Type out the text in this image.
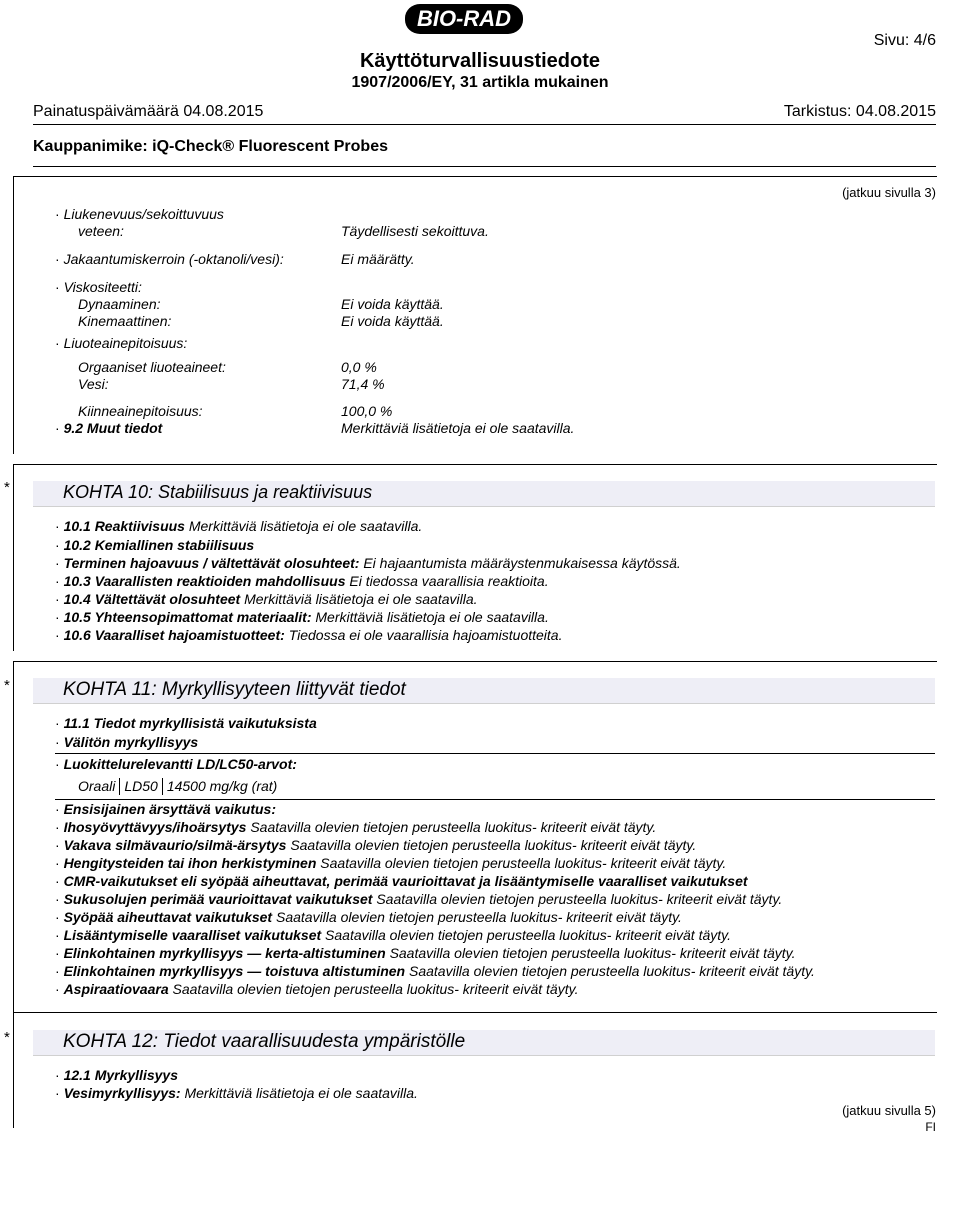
BIO-RAD
Käyttöturvallisuustiedote
1907/2006/EY, 31 artikla mukainen
Sivu: 4/6
Painatuspäivämäärä 04.08.2015	Tarkistus: 04.08.2015
Kauppanimike: iQ-Check® Fluorescent Probes
(jatkuu sivulla 3)
· Liukenevuus/sekoittuvuus
veteen:	Täydellisesti sekoittuva.
· Jakaantumiskerroin (-oktanoli/vesi):	Ei määrätty.
· Viskositeetti:
Dynaaminen:	Ei voida käyttää.
Kinemaattinen:	Ei voida käyttää.
· Liuoteainepitoisuus:
Orgaaniset liuoteaineet:	0,0 %
Vesi:	71,4 %
Kiinneainepitoisuus:	100,0 %
· 9.2 Muut tiedot	Merkittäviä lisätietoja ei ole saatavilla.
*	KOHTA 10: Stabiilisuus ja reaktiivisuus
· 10.1 Reaktiivisuus Merkittäviä lisätietoja ei ole saatavilla.
· 10.2 Kemiallinen stabiilisuus
· Terminen hajoavuus / vältettävät olosuhteet: Ei hajaantumista määräystenmukaisessa käytössä.
· 10.3 Vaarallisten reaktioiden mahdollisuus Ei tiedossa vaarallisia reaktioita.
· 10.4 Vältettävät olosuhteet Merkittäviä lisätietoja ei ole saatavilla.
· 10.5 Yhteensopimattomat materiaalit: Merkittäviä lisätietoja ei ole saatavilla.
· 10.6 Vaaralliset hajoamistuotteet: Tiedossa ei ole vaarallisia hajoamistuotteita.
*	KOHTA 11: Myrkyllisyyteen liittyvät tiedot
· 11.1 Tiedot myrkyllisistä vaikutuksista
· Välitön myrkyllisyys
· Luokittelurelevantti LD/LC50-arvot:
Oraali	LD50	14500 mg/kg (rat)
· Ensisijainen ärsyttävä vaikutus:
· Ihosyövyttävyys/ihoärsytys Saatavilla olevien tietojen perusteella luokitus- kriteerit eivät täyty.
· Vakava silmävaurio/silmä-ärsytys Saatavilla olevien tietojen perusteella luokitus- kriteerit eivät täyty.
· Hengitysteiden tai ihon herkistyminen Saatavilla olevien tietojen perusteella luokitus- kriteerit eivät täyty.
· CMR-vaikutukset eli syöpää aiheuttavat, perimää vaurioittavat ja lisääntymiselle vaaralliset vaikutukset
· Sukusolujen perimää vaurioittavat vaikutukset Saatavilla olevien tietojen perusteella luokitus- kriteerit eivät täyty.
· Syöpää aiheuttavat vaikutukset Saatavilla olevien tietojen perusteella luokitus- kriteerit eivät täyty.
· Lisääntymiselle vaaralliset vaikutukset Saatavilla olevien tietojen perusteella luokitus- kriteerit eivät täyty.
· Elinkohtainen myrkyllisyys — kerta-altistuminen Saatavilla olevien tietojen perusteella luokitus- kriteerit eivät täyty.
· Elinkohtainen myrkyllisyys — toistuva altistuminen Saatavilla olevien tietojen perusteella luokitus- kriteerit eivät täyty.
· Aspiraatiovaara Saatavilla olevien tietojen perusteella luokitus- kriteerit eivät täyty.
*	KOHTA 12: Tiedot vaarallisuudesta ympäristölle
· 12.1 Myrkyllisyys
· Vesimyrkyllisyys: Merkittäviä lisätietoja ei ole saatavilla.
(jatkuu sivulla 5)
FI
